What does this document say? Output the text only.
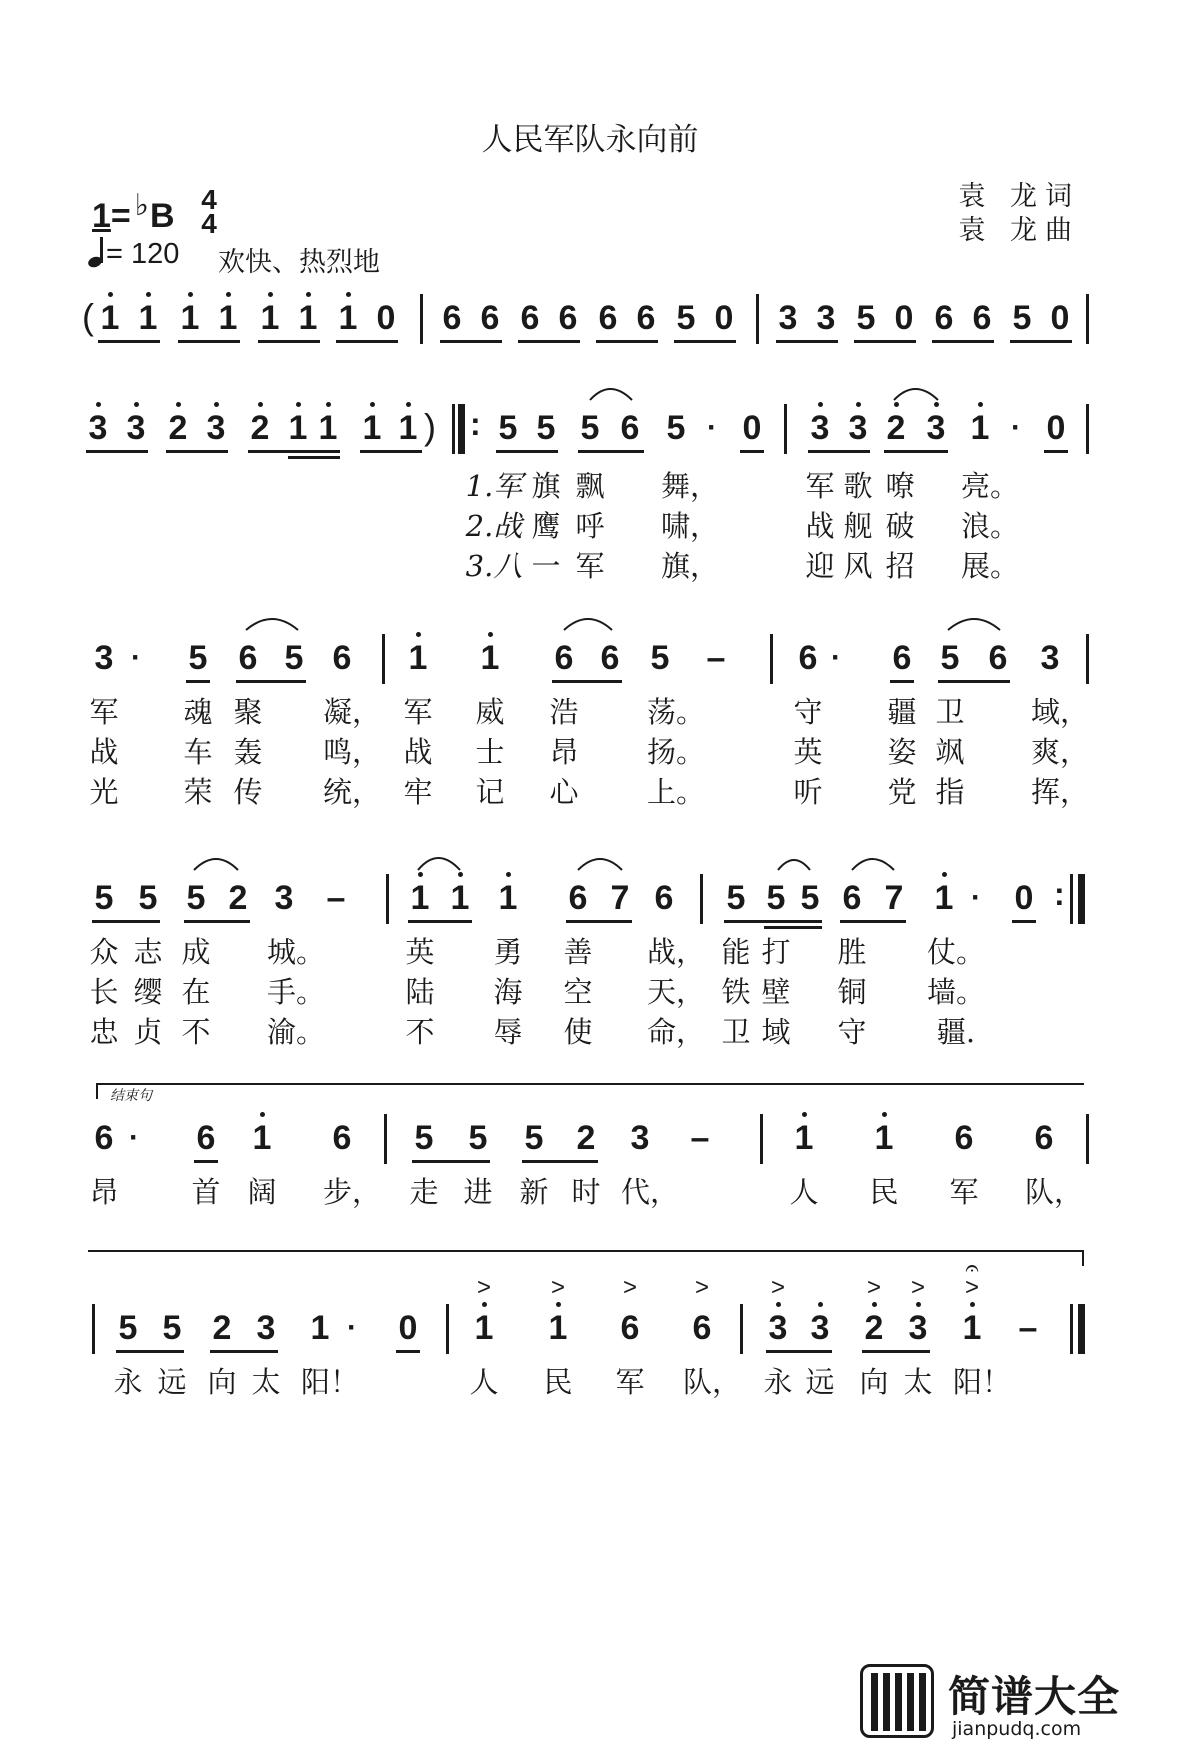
人民军队永向前
1= ♭B 4
4
= 120 欢快、热烈地
袁 龙词
袁 龙曲
( 1 1 1 1 1 1 1 0 6 6 6 6 6 6 5 0 3 3 5 0 6 6 5 0
3 3 2 3 2 1 1 1 1 ) : 5 5 5 6 5 · 0 3 3 2 3 1 · 0
1.军 旗 飘 舞，	军 歌 嘹 亮。
2.战 鹰 呼 啸，	战 舰 破 浪。
3.八 一 军 旗，	迎 风 招 展。
3 · 5 6 5 6 1 1 6 6 5 – 6 · 6 5 6 3
军 魂 聚 凝， 军 威 浩 荡。	守 疆 卫 域，
战 车 轰 鸣， 战 士 昂 扬。	英 姿 飒 爽，
光 荣 传 统， 牢 记 心 上。	听 党 指 挥，
5 5 5 2 3 – 1 1 1 6 7 6 5 5 5 6 7 1 · 0 :
众 志 成 城。	英 勇 善 战， 能 打 胜 仗。
长 缨 在 手。	陆 海 空 天， 铁 壁 铜 墙。
忠 贞 不 渝。	不 辱 使 命， 卫 域 守 疆.
结束句
6 · 6 1 6 5 5 5 2 3 –	1 1 6 6
昂	首 阔 步， 走 进 新 时 代，	人 民 军 队，
5 5 2 3 1 · 0
> > > >
1 1 6 6
>	> > >
𝄐
3 3 2 3 1 –
永 远 向 太 阳！	人 民 军 队， 永 远 向 太 阳！
简谱大全
jianpudq.com
